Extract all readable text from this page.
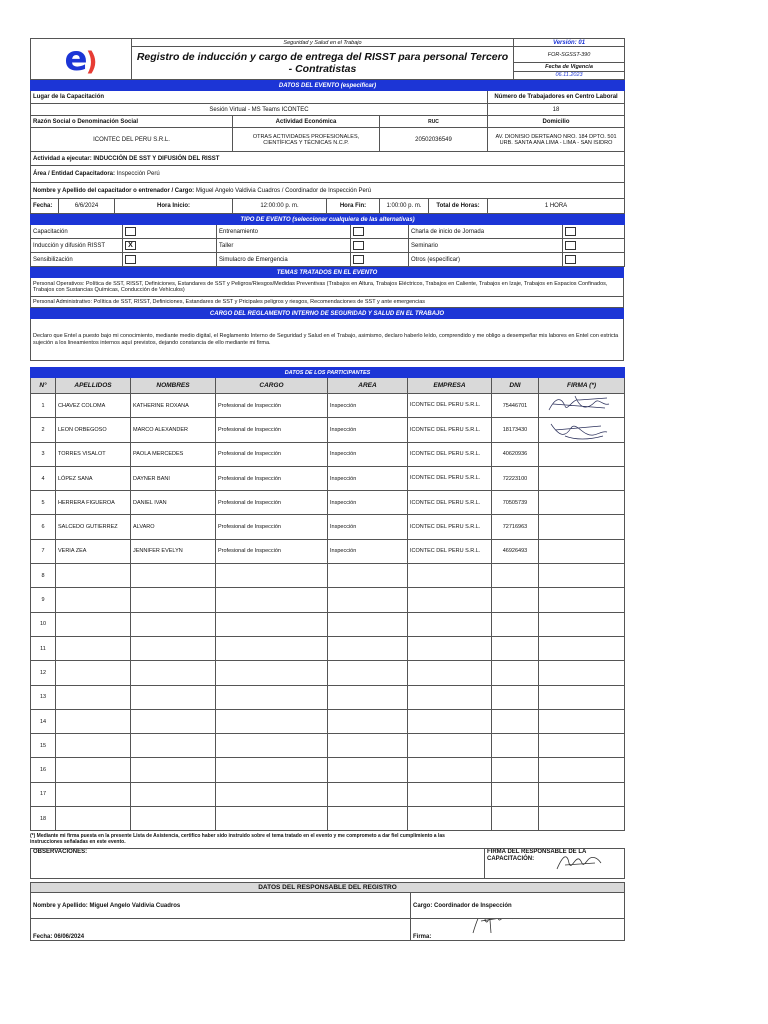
e)	Seguridad y Salud en el Trabajo	Versión: 01
	Registro de inducción y cargo de entrega del RISST para personal Tercero - Contratistas	FOR-SGSST-390
		Fecha de Vigencia
		06.11.2023
DATOS DEL EVENTO (especificar)							
Lugar de la Capacitación							Número de Trabajadores en Centro Laboral
Sesión Virtual - MS Teams ICONTEC							18
Razón Social o Denominación Social			Actividad Económica		RUC		Domicilio
ICONTEC DEL PERU S.R.L.			OTRAS ACTIVIDADES PROFESIONALES, CIENTÍFICAS Y TÉCNICAS N.C.P.		20502036549		AV. DIONISIO DERTEANO NRO. 184 DPTO. 501 URB. SANTA ANA LIMA - LIMA - SAN ISIDRO
Actividad a ejecutar: INDUCCIÓN DE SST Y DIFUSIÓN DEL RISST							
Área / Entidad Capacitadora: Inspección Perú							
Nombre y Apellido del capacitador o entrenador / Cargo: Miguel Angelo Valdivia Cuadros / Coordinador de Inspección Perú							
Fecha:	6/6/2024	Hora Inicio:	12:00:00 p. m.	Hora Fin:	1:00:00 p. m.	Total de Horas:	1 HORA
TIPO DE EVENTO (seleccionar cualquiera de las alternativas)					
Capacitación		Entrenamiento		Charla de inicio de Jornada	
Inducción y difusión RISST	X	Taller		Seminario	
Sensibilización		Simulacro de Emergencia		Otros (especificar)	
TEMAS TRATADOS EN EL EVENTO
Personal Operativos: Política de SST, RISST, Definiciones, Estandares de SST y Peligros/Riesgos/Medidas Preventivas (Trabajos en Altura, Trabajos Eléctricos, Trabajos en Caliente, Trabajos en Izaje, Trabajos en Espacios Confinados, Trabajos con Sustancias Químicas, Conducción de Vehículos)
Personal Administrativo: Política de SST, RISST, Definiciones, Estandares de SST y Pricipales peligros y riesgos, Recomendaciones de SST y ante emergencias
CARGO DEL REGLAMENTO INTERNO DE SEGURIDAD Y SALUD EN EL TRABAJO
Declaro que Entel a puesto bajo mi conocimiento, mediante medio digital, el Reglamento Interno de Seguridad y Salud en el Trabajo, asimismo, declaro haberlo leído, comprendido y me obligo a desempeñar mis labores en Entel con estricta sujeción a los lineamientos internos aquí previstos, dejando constancia de ello mediante mi firma.
DATOS DE LOS PARTICIPANTES							
N°	APELLIDOS	NOMBRES	CARGO	AREA	EMPRESA	DNI	FIRMA (*)
1	CHAVEZ COLOMA	KATHERINE ROXANA	Profesional de Inspección	Inspección	ICONTEC DEL PERU S.R.L.	75446701	

2	LEON ORBEGOSO	MARCO ALEXANDER	Profesional de Inspección	Inspección	ICONTEC DEL PERU S.R.L.	18173430	

3	TORRES VISALOT	PAOLA MERCEDES	Profesional de Inspección	Inspección	ICONTEC DEL PERU S.R.L.	40620936	
4	LÓPEZ SANA	DAYNER BANI	Profesional de Inspección	Inspección	ICONTEC DEL PERU S.R.L.	72223100	
5	HERRERA FIGUEROA	DANIEL IVAN	Profesional de Inspección	Inspección	ICONTEC DEL PERU S.R.L.	70505739	
6	SALCEDO GUTIERREZ	ALVARO	Profesional de Inspección	Inspección	ICONTEC DEL PERU S.R.L.	72716963	
7	VERIA ZEA	JENNIFER EVELYN	Profesional de Inspección	Inspección	ICONTEC DEL PERU S.R.L.	46926493	
8							
9							
10							
11							
12							
13							
14							
15							
16							
17							
18							
(*) Mediante mi firma puesta en la presente Lista de Asistencia, certifico haber sido instruido sobre el tema tratado en el evento y me comprometo a dar fiel cumplimiento a las instrucciones señaladas en este evento.
OBSERVACIONES:	FIRMA DEL RESPONSABLE DE LA CAPACITACIÓN:
DATOS DEL RESPONSABLE DEL REGISTRO	
Nombre y Apellido: Miguel Angelo Valdivia Cuadros	Cargo: Coordinador de Inspección
Fecha: 06/06/2024	Firma:
